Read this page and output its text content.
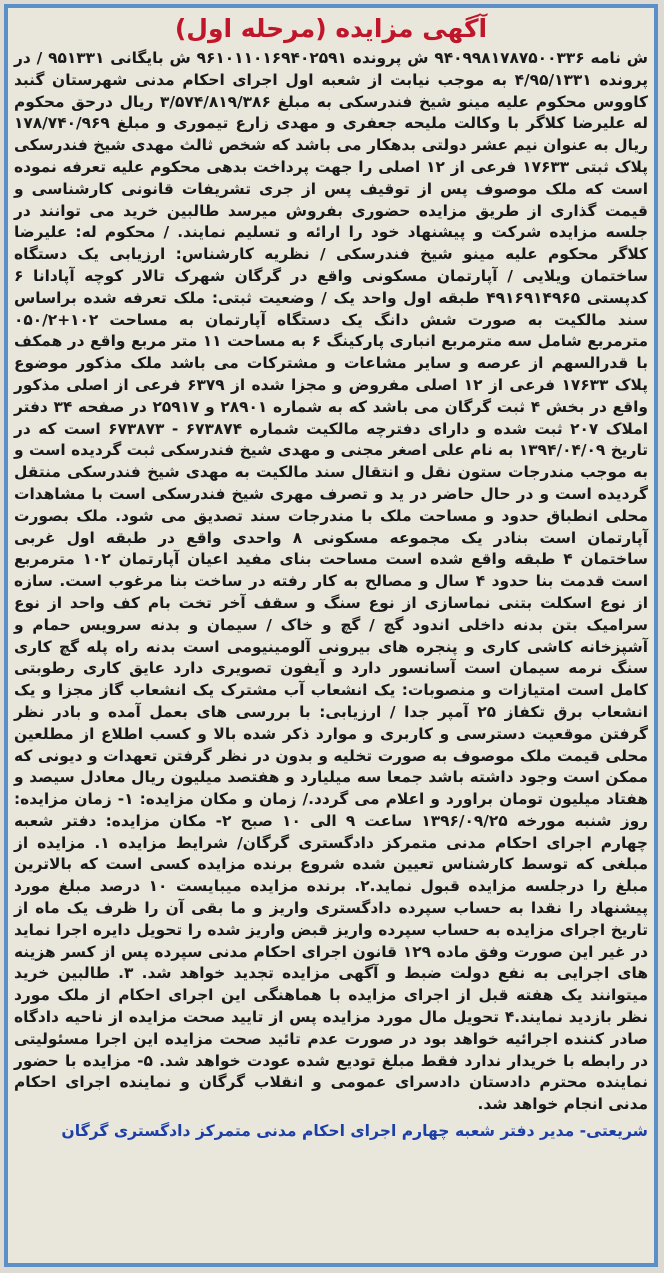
آگهی مزایده (مرحله اول)

ش نامه ۹۴۰۹۹۸۱۷۸۷۵۰۰۳۳۶ ش پرونده ۹۶۱۰۱۱۰۱۶۹۴۰۲۵۹۱ ش بایگانی ۹۵۱۳۳۱ / در پرونده ۴/۹۵/۱۳۳۱ به موجب نیابت از شعبه اول اجرای احکام مدنی شهرستان گنبد کاووس محکوم علیه مینو شیخ فندرسکی به مبلغ ۳/۵۷۴/۸۱۹/۳۸۶ ریال درحق محکوم له علیرضا کلاگر با وکالت ملیحه جعفری و مهدی زارع تیموری و مبلغ ۱۷۸/۷۴۰/۹۶۹ ریال به عنوان نیم عشر دولتی بدهکار می باشد که شخص ثالث مهدی شیخ فندرسکی پلاک ثبتی ۱۷۶۳۳ فرعی از ۱۲ اصلی را جهت پرداخت بدهی محکوم علیه تعرفه نموده است که ملک موصوف پس از توقیف پس از جری تشریفات قانونی کارشناسی و قیمت گذاری از طریق مزایده حضوری بفروش میرسد طالبین خرید می توانند در جلسه مزایده شرکت و پیشنهاد خود را ارائه و تسلیم نمایند. / محکوم له: علیرضا کلاگر محکوم علیه مینو شیخ فندرسکی / نظریه کارشناس: ارزیابی یک دستگاه ساختمان ویلایی / آپارتمان مسکونی واقع در گرگان شهرک تالار کوچه آپادانا ۶ کدپستی ۴۹۱۶۹۱۴۹۶۵ طبقه اول واحد یک / وضعیت ثبتی: ملک تعرفه شده براساس سند مالکیت به صورت شش دانگ یک دستگاه آپارتمان به مساحت ۱۰۲+۰۵۰/۲ مترمربع شامل سه مترمربع انباری پارکینگ ۶ به مساحت ۱۱ متر مربع واقع در همکف با قدرالسهم از عرصه و سایر مشاعات و مشترکات می باشد ملک مذکور موضوع پلاک ۱۷۶۳۳ فرعی از ۱۲ اصلی مفروض و مجزا شده از ۶۳۷۹ فرعی از اصلی مذکور واقع در بخش ۴ ثبت گرگان می باشد که به شماره ۲۸۹۰۱ و ۲۵۹۱۷ در صفحه ۳۴ دفتر املاک ۲۰۷ ثبت شده و دارای دفترچه مالکیت شماره ۶۷۳۸۷۴ - ۶۷۳۸۷۳ است که در تاریخ ۱۳۹۴/۰۴/۰۹ به نام علی اصغر مجنی و مهدی شیخ فندرسکی ثبت گردیده است و به موجب مندرجات ستون نقل و انتقال سند مالکیت به مهدی شیخ فندرسکی منتقل گردیده است و در حال حاضر در ید و تصرف مهری شیخ فندرسکی است با مشاهدات محلی انطباق حدود و مساحت ملک با مندرجات سند تصدیق می شود. ملک بصورت آپارتمان است بنادر یک مجموعه مسکونی ۸ واحدی واقع در طبقه اول غربی ساختمان ۴ طبقه واقع شده است مساحت بنای مفید اعیان آپارتمان ۱۰۲ مترمربع است قدمت بنا حدود ۴ سال و مصالح به کار رفته در ساخت بنا مرغوب است. سازه از نوع اسکلت بتنی نماسازی از نوع سنگ و سقف آخر تخت بام کف واحد از نوع سرامیک بتن بدنه داخلی اندود گچ / گچ و خاک / سیمان و بدنه سرویس حمام و آشپزخانه کاشی کاری و پنجره های بیرونی آلومینیومی است بدنه راه پله گچ کاری سنگ نرمه سیمان است آسانسور دارد و آیفون تصویری دارد عایق کاری رطوبتی کامل است امتیازات و منصوبات: یک انشعاب آب مشترک یک انشعاب گاز مجزا و یک انشعاب برق تکفاز ۲۵ آمپر جدا / ارزیابی: با بررسی های بعمل آمده و بادر نظر گرفتن موقعیت دسترسی و کاربری و موارد ذکر شده بالا و کسب اطلاع از مطلعین محلی قیمت ملک موصوف به صورت تخلیه و بدون در نظر گرفتن تعهدات و دیونی که ممکن است وجود داشته باشد جمعا سه میلیارد و هفتصد میلیون ریال معادل سیصد و هفتاد میلیون تومان براورد و اعلام می گردد./ زمان و مکان مزایده: ۱- زمان مزایده: روز شنبه مورخه ۱۳۹۶/۰۹/۲۵ ساعت ۹ الی ۱۰ صبح ۲- مکان مزایده: دفتر شعبه چهارم اجرای احکام مدنی متمرکز دادگستری گرگان/ شرایط مزایده ۱. مزایده از مبلغی که توسط کارشناس تعیین شده شروع برنده مزایده کسی است که بالاترین مبلغ را درجلسه مزایده قبول نماید.۲. برنده مزایده میبایست ۱۰ درصد مبلغ مورد پیشنهاد را نقدا به حساب سپرده دادگستری واریز و ما بقی آن را ظرف یک ماه از تاریخ اجرای مزایده به حساب سپرده واریز قبض واریز شده را تحویل دایره اجرا نماید در غیر این صورت وفق ماده ۱۲۹ قانون اجرای احکام مدنی سپرده پس از کسر هزینه های اجرایی به نفع دولت ضبط و آگهی مزایده تجدید خواهد شد. ۳. طالبین خرید میتوانند یک هفته قبل از اجرای مزایده با هماهنگی این اجرای احکام از ملک مورد نظر بازدید نمایند.۴ تحویل مال مورد مزایده پس از تایید صحت مزایده از ناحیه دادگاه صادر کننده اجرائیه خواهد بود در صورت عدم تائید صحت مزایده این اجرا مسئولیتی در رابطه با خریدار ندارد فقط مبلغ تودیع شده عودت خواهد شد. ۵- مزایده با حضور نماینده محترم دادستان دادسرای عمومی و انقلاب گرگان و نماینده اجرای احکام مدنی انجام خواهد شد.

شریعتی- مدیر دفتر شعبه چهارم اجرای احکام مدنی متمرکز دادگستری گرگان
